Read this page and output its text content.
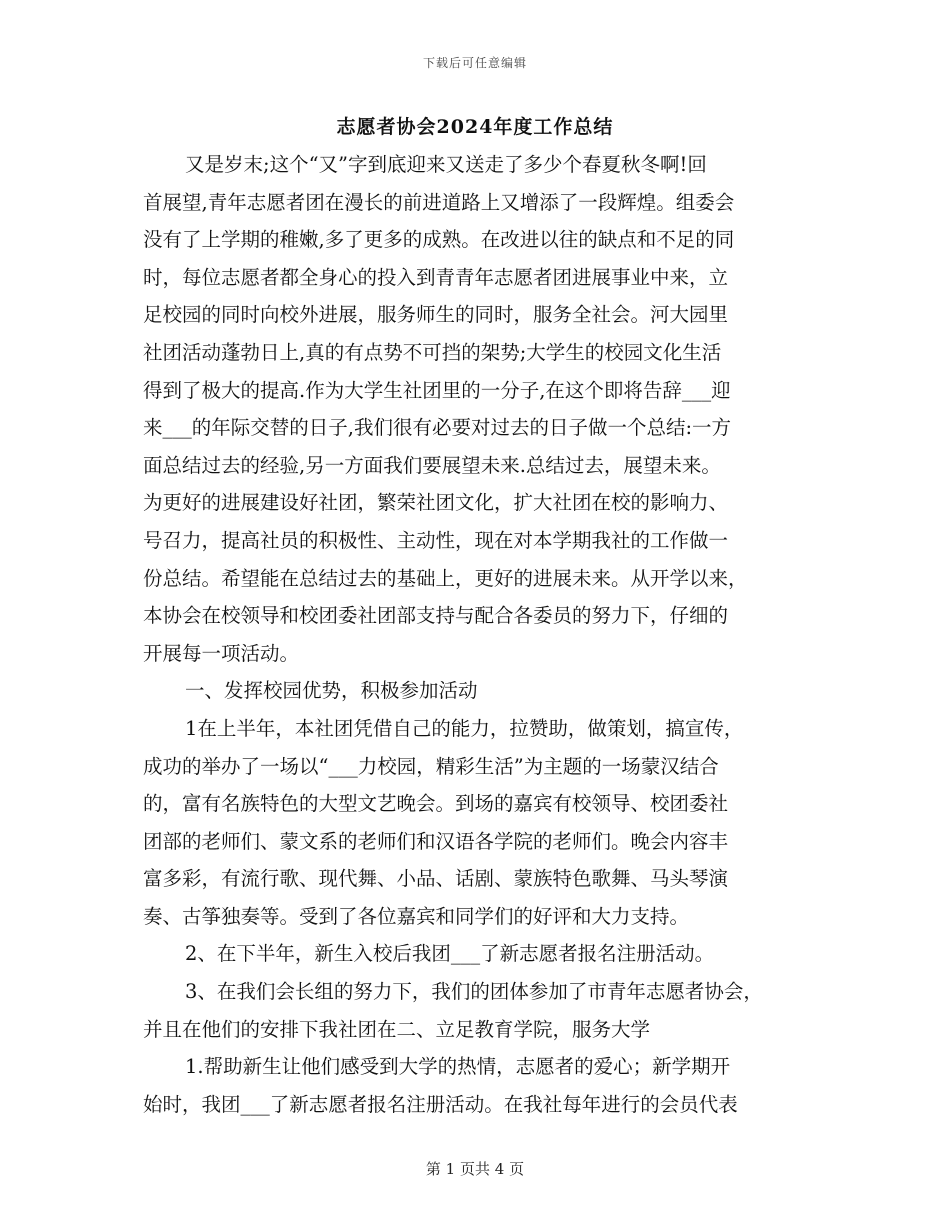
下载后可任意编辑
志愿者协会2024年度工作总结
又是岁末;这个“又”字到底迎来又送走了多少个春夏秋冬啊!回
首展望,青年志愿者团在漫长的前进道路上又增添了一段辉煌。组委会
没有了上学期的稚嫩,多了更多的成熟。在改进以往的缺点和不足的同
时，每位志愿者都全身心的投入到青青年志愿者团进展事业中来，立
足校园的同时向校外进展，服务师生的同时，服务全社会。河大园里
社团活动蓬勃日上,真的有点势不可挡的架势;大学生的校园文化生活
得到了极大的提高.作为大学生社团里的一分子,在这个即将告辞___迎
来___的年际交替的日子,我们很有必要对过去的日子做一个总结:一方
面总结过去的经验,另一方面我们要展望未来.总结过去，展望未来。
为更好的进展建设好社团，繁荣社团文化，扩大社团在校的影响力、
号召力，提高社员的积极性、主动性，现在对本学期我社的工作做一
份总结。希望能在总结过去的基础上，更好的进展未来。从开学以来，
本协会在校领导和校团委社团部支持与配合各委员的努力下，仔细的
开展每一项活动。
一、发挥校园优势，积极参加活动
1在上半年，本社团凭借自己的能力，拉赞助，做策划，搞宣传，
成功的举办了一场以“___力校园，精彩生活”为主题的一场蒙汉结合
的，富有名族特色的大型文艺晚会。到场的嘉宾有校领导、校团委社
团部的老师们、蒙文系的老师们和汉语各学院的老师们。晚会内容丰
富多彩，有流行歌、现代舞、小品、话剧、蒙族特色歌舞、马头琴演
奏、古筝独奏等。受到了各位嘉宾和同学们的好评和大力支持。
2、在下半年，新生入校后我团___了新志愿者报名注册活动。
3、在我们会长组的努力下，我们的团体参加了市青年志愿者协会，
并且在他们的安排下我社团在二、立足教育学院，服务大学
1.帮助新生让他们感受到大学的热情，志愿者的爱心；新学期开
始时，我团___了新志愿者报名注册活动。在我社每年进行的会员代表
第 1 页共 4 页
